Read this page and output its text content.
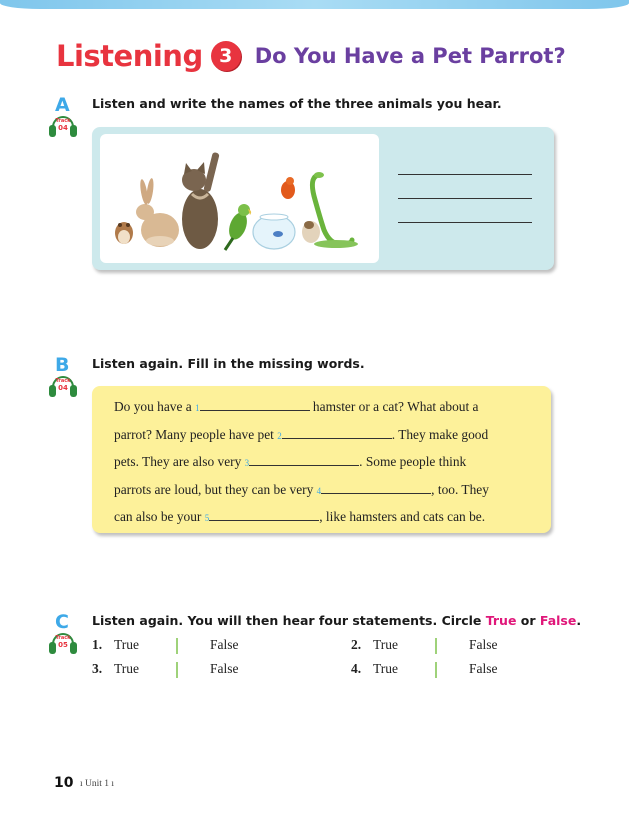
Listening 3	Do You Have a Pet Parrot?
A
Track
04
Listen and write the names of the three animals you hear.
B
Track
04
Listen again. Fill in the missing words.
Do you have a 1	hamster or a cat? What about a
parrot? Many people have pet 2	. They make good
pets. They are also very 3	. Some people think
parrots are loud, but they can be very 4	, too. They
can also be your 5	, like hamsters and cats can be.
C
Track
05
Listen again. You will then hear four statements. Circle True or False.
1. True	False	2. True	False
3. True	False	4. True	False
10 ı Unit 1 ı
